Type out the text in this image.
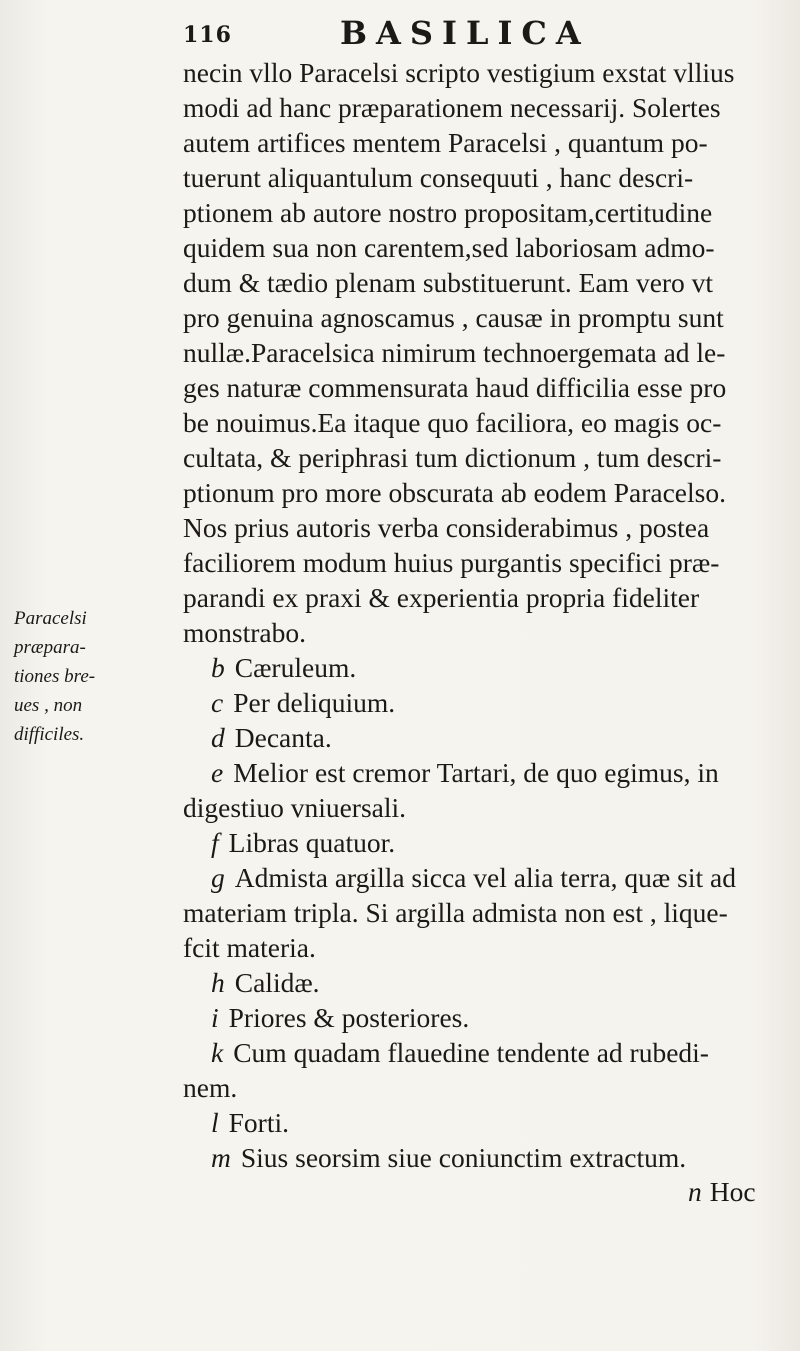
116	BASILICA
Paracelsi
præpara-
tiones bre-
ues , non
difficiles.
necin vllo Paracelsi scripto vestigium exstat vllius
modi ad hanc præparationem necessarij. Solertes
autem artifices mentem Paracelsi , quantum po-
tuerunt aliquantulum consequuti , hanc descri-
ptionem ab autore nostro propositam,certitudine
quidem sua non carentem,sed laboriosam admo-
dum & tædio plenam substituerunt. Eam vero vt
pro genuina agnoscamus , causæ in promptu sunt
nullæ.Paracelsica nimirum technoergemata ad le-
ges naturæ commensurata haud difficilia esse pro
be nouimus.Ea itaque quo faciliora, eo magis oc-
cultata, & periphrasi tum dictionum , tum descri-
ptionum pro more obscurata ab eodem Paracelso.
Nos prius autoris verba considerabimus , postea
faciliorem modum huius purgantis specifici præ-
parandi ex praxi & experientia propria fideliter
monstrabo.
b Cæruleum.
c Per deliquium.
d Decanta.
e Melior est cremor Tartari, de quo egimus, in
digestiuo vniuersali.
f Libras quatuor.
g Admista argilla sicca vel alia terra, quæ sit ad
materiam tripla. Si argilla admista non est , lique-
fcit materia.
h Calidæ.
i Priores & posteriores.
k Cum quadam flauedine tendente ad rubedi-
nem.
l Forti.
m Sius seorsim siue coniunctim extractum.
n Hoc
